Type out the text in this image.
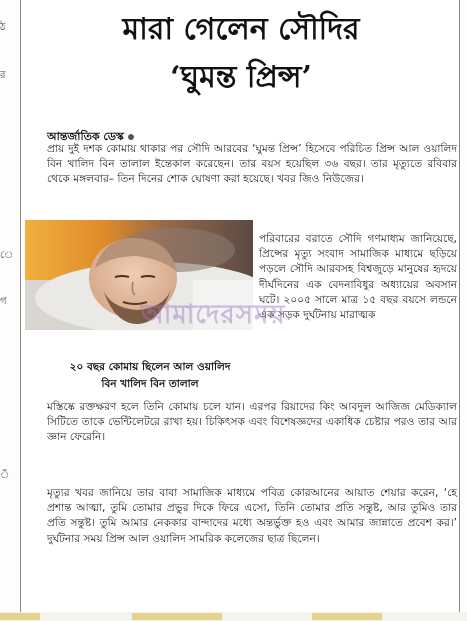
ঠ
র
ে
গ
ঁ
মারা গেলেন সৌদির
‘ঘুমন্ত প্রিন্স’
আন্তর্জাতিক ডেস্ক

প্রায় দুই দশক কোমায় থাকার পর সৌদি আরবের ‘ঘুমন্ত প্রিন্স’ হিসেবে পরিচিত প্রিন্স আল ওয়ালিদ বিন খালিদ বিন তালাল ইন্তেকাল করেছেন। তার বয়স হয়েছিল ৩৬ বছর। তার মৃত্যুতে রবিবার থেকে মঙ্গলবার– তিন দিনের শোক ঘোষণা করা হয়েছে। খবর জিও নিউজের।

২০ বছর কোমায় ছিলেন আল ওয়ালিদ
বিন খালিদ বিন তালাল

পরিবারের বরাতে সৌদি গণমাধ্যম জানিয়েছে, প্রিন্সের মৃত্যু সংবাদ সামাজিক মাধ্যমে ছড়িয়ে পড়লে সৌদি আরবসহ বিশ্বজুড়ে মানুষের হৃদয়ে দীর্ঘদিনের এক বেদনাবিধুর অধ্যায়ের অবসান ঘটে। ২০০৫ সালে মাত্র ১৫ বছর বয়সে লন্ডনে এক সড়ক দুর্ঘটনায় মারাত্মক

আমাদেরসময়

মস্তিষ্কে রক্তক্ষরণ হলে তিনি কোমায় চলে যান। এরপর রিয়াদের কিং আবদুল আজিজ মেডিক্যাল সিটিতে তাকে ভেন্টিলেটরে রাখা হয়। চিকিৎসক এবং বিশেষজ্ঞদের একাধিক চেষ্টার পরও তার আর জ্ঞান ফেরেনি।

মৃত্যুর খবর জানিয়ে তার বাবা সামাজিক মাধ্যমে পবিত্র কোরআনের আয়াত শেয়ার করেন, ‘হে প্রশান্ত আত্মা, তুমি তোমার প্রভুর দিকে ফিরে এসো, তিনি তোমার প্রতি সন্তুষ্ট, আর তুমিও তার প্রতি সন্তুষ্ট। তুমি আমার নেককার বান্দাদের মধ্যে অন্তর্ভুক্ত হও এবং আমার জান্নাতে প্রবেশ কর।’ দুর্ঘটনার সময় প্রিন্স আল ওয়ালিদ সামরিক কলেজের ছাত্র ছিলেন।
